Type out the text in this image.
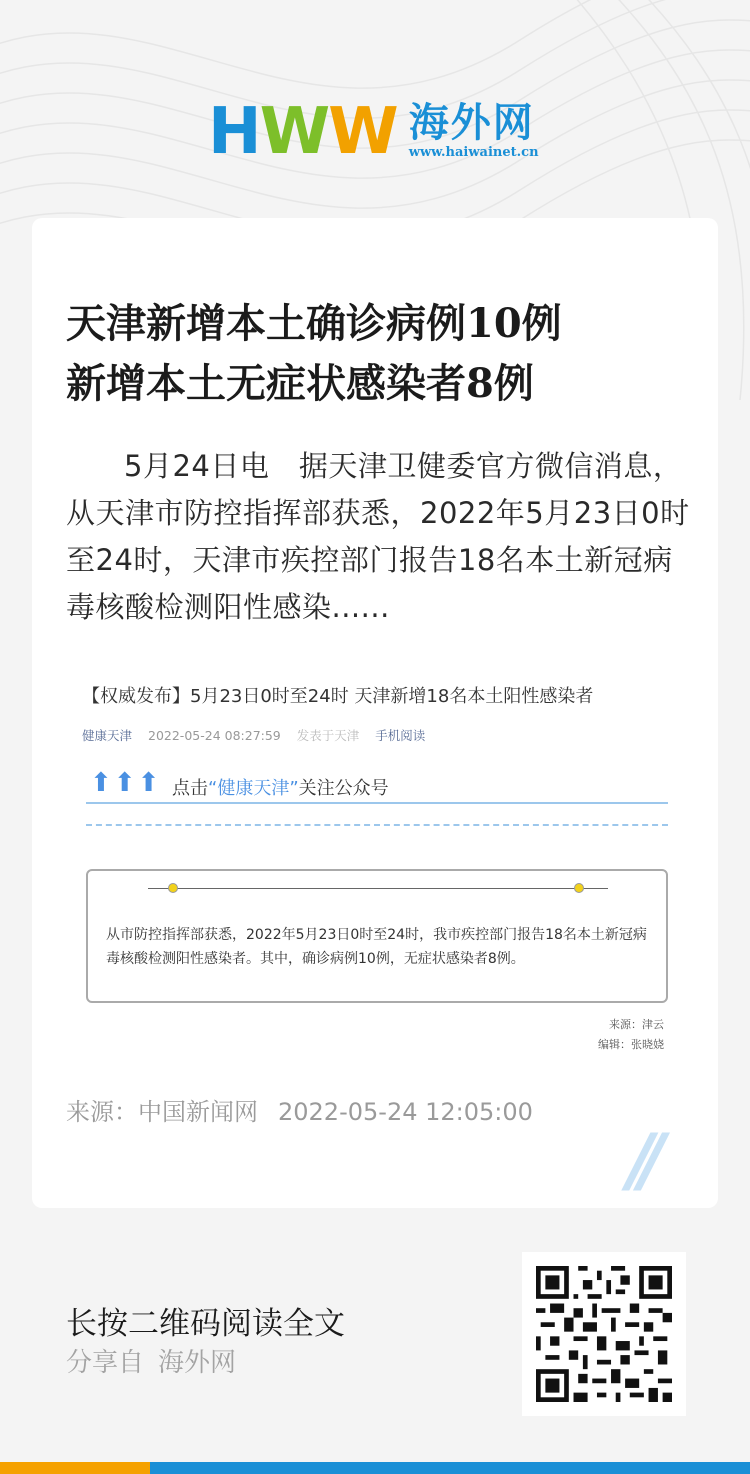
HWW 海外网
www.haiwainet.cn
天津新增本土确诊病例10例
新增本土无症状感染者8例

5月24日电　据天津卫健委官方微信消息，从天津市防控指挥部获悉，2022年5月23日0时至24时，天津市疾控部门报告18名本土新冠病毒核酸检测阳性感染......

【权威发布】5月23日0时至24时 天津新增18名本土阳性感染者
健康天津 2022-05-24 08:27:59 发表于天津 手机阅读
⬆ ⬆ ⬆ 点击“健康天津”关注公众号
从市防控指挥部获悉，2022年5月23日0时至24时，我市疾控部门报告18名本土新冠病毒核酸检测阳性感染者。其中，确诊病例10例，无症状感染者8例。
来源：津云
编辑：张晓娆
来源：中国新闻网 2022-05-24 12:05:00
//
长按二维码阅读全文
分享自 海外网
